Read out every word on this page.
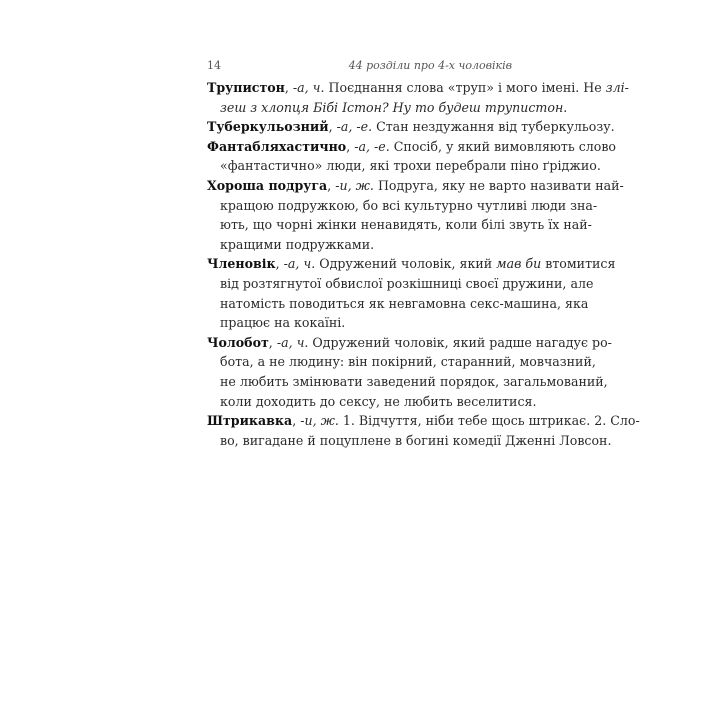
14	44 розділи про 4-х чоловіків
Трупистон, -а, ч. Поєднання слова «труп» і мого імені. Не злі-
зеш з хлопця Бібі Істон? Ну то будеш трупистон.
Туберкульозний, -а, -е. Стан нездужання від туберкульозу.
Фантабляхастично, -а, -е. Спосіб, у який вимовляють слово
«фантастично» люди, які трохи перебрали піно ґріджио.
Хороша подруга, -и, ж. Подруга, яку не варто називати най-
кращою подружкою, бо всі культурно чутливі люди зна-
ють, що чорні жінки ненавидять, коли білі звуть їх най-
кращими подружками.
Членовік, -а, ч. Одружений чоловік, який мав би втомитися
від розтягнутої обвислої розкішниці своєї дружини, але
натомість поводиться як невгамовна секс-машина, яка
працює на кокаїні.
Чолобот, -а, ч. Одружений чоловік, який радше нагадує ро-
бота, а не людину: він покірний, старанний, мовчазний,
не любить змінювати заведений порядок, загальмований,
коли доходить до сексу, не любить веселитися.
Штрикавка, -и, ж. 1. Відчуття, ніби тебе щось штрикає. 2. Сло-
во, вигадане й поцуплене в богині комедії Дженні Ловсон.
